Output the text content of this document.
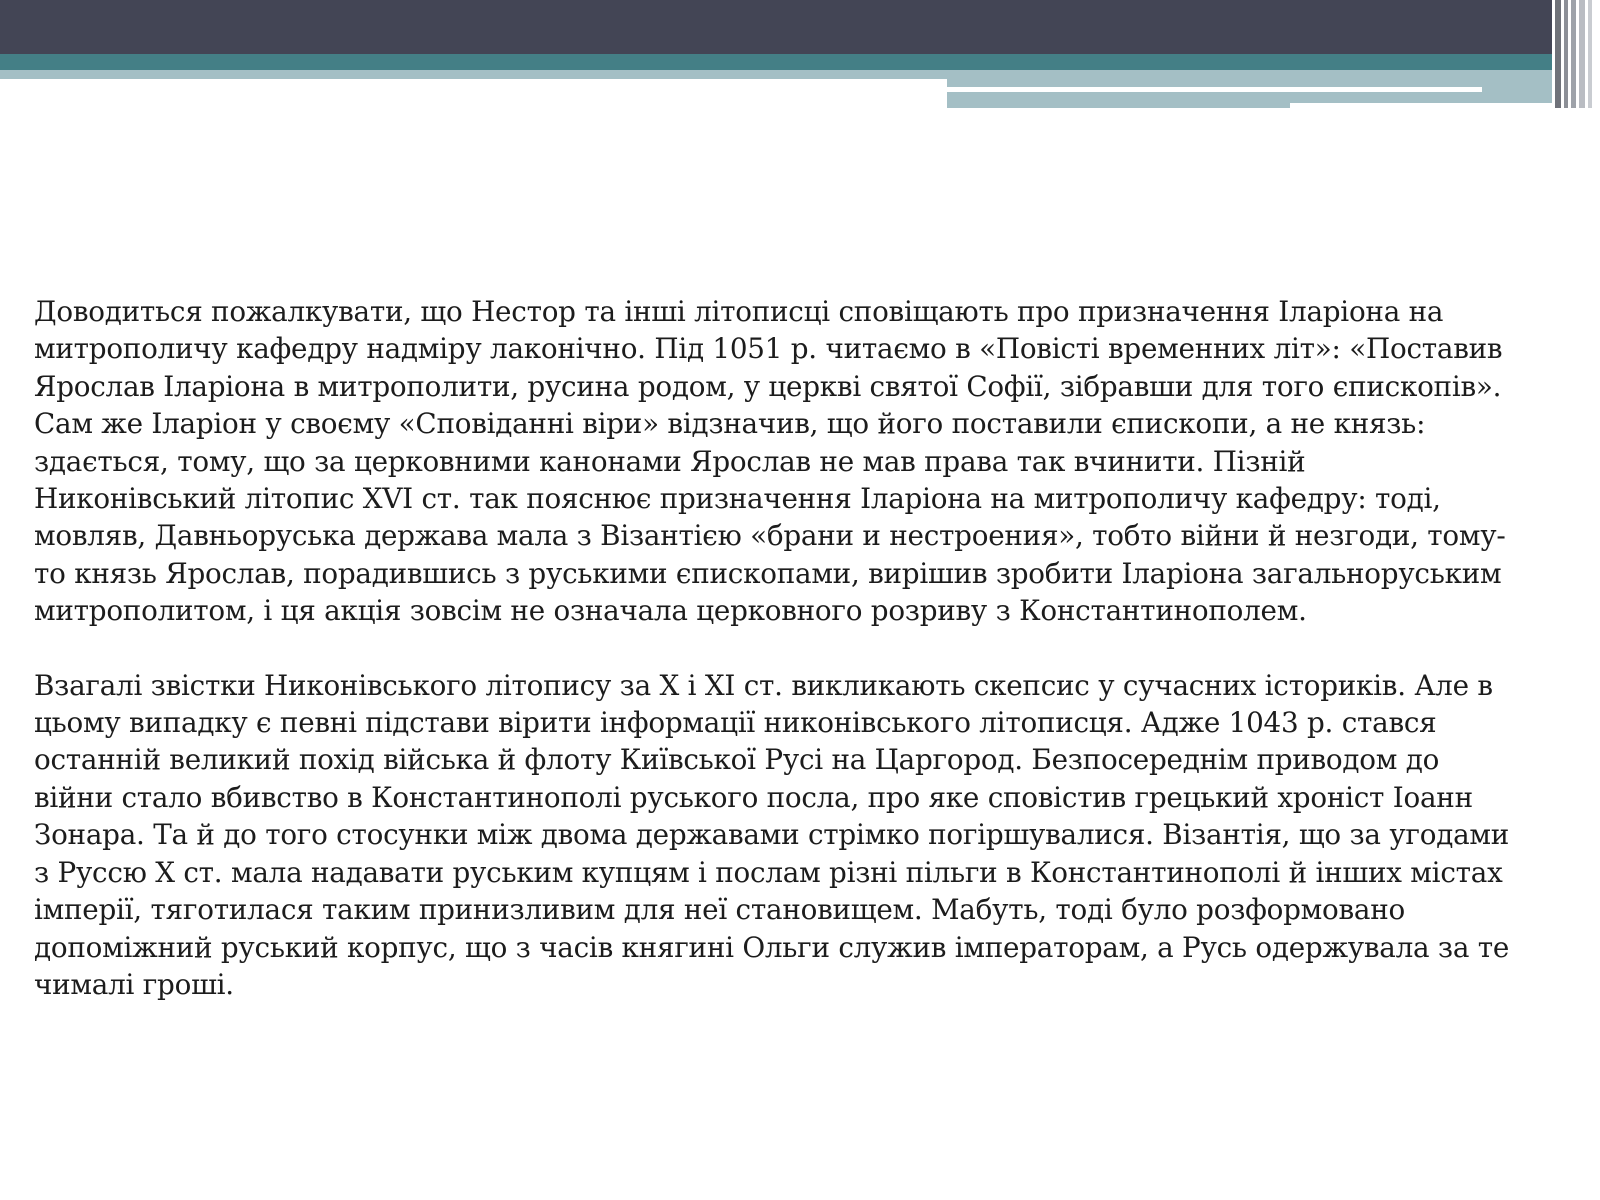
Доводиться пожалкувати, що Нестор та інші літописці сповіщають про призначення Іларіона на
митрополичу кафедру надміру лаконічно. Під 1051 р. читаємо в «Повісті временних літ»: «Поставив
Ярослав Іларіона в митрополити, русина родом, у церкві святої Софії, зібравши для того єпископів».
Сам же Іларіон у своєму «Сповіданні віри» відзначив, що його поставили єпископи, а не князь:
здається, тому, що за церковними канонами Ярослав не мав права так вчинити. Пізній
Никонівський літопис XVI ст. так пояснює призначення Іларіона на митрополичу кафедру: тоді,
мовляв, Давньоруська держава мала з Візантією «брани и нестроения», тобто війни й незгоди, тому-
то князь Ярослав, порадившись з руськими єпископами, вирішив зробити Іларіона загальноруським
митрополитом, і ця акція зовсім не означала церковного розриву з Константинополем.

Взагалі звістки Никонівського літопису за X і XI ст. викликають скепсис у сучасних істориків. Але в
цьому випадку є певні підстави вірити інформації никонівського літописця. Адже 1043 р. стався
останній великий похід війська й флоту Київської Русі на Царгород. Безпосереднім приводом до
війни стало вбивство в Константинополі руського посла, про яке сповістив грецький хроніст Іоанн
Зонара. Та й до того стосунки між двома державами стрімко погіршувалися. Візантія, що за угодами
з Руссю X ст. мала надавати руським купцям і послам різні пільги в Константинополі й інших містах
імперії, тяготилася таким принизливим для неї становищем. Мабуть, тоді було розформовано
допоміжний руський корпус, що з часів княгині Ольги служив імператорам, а Русь одержувала за те
чималі гроші.
